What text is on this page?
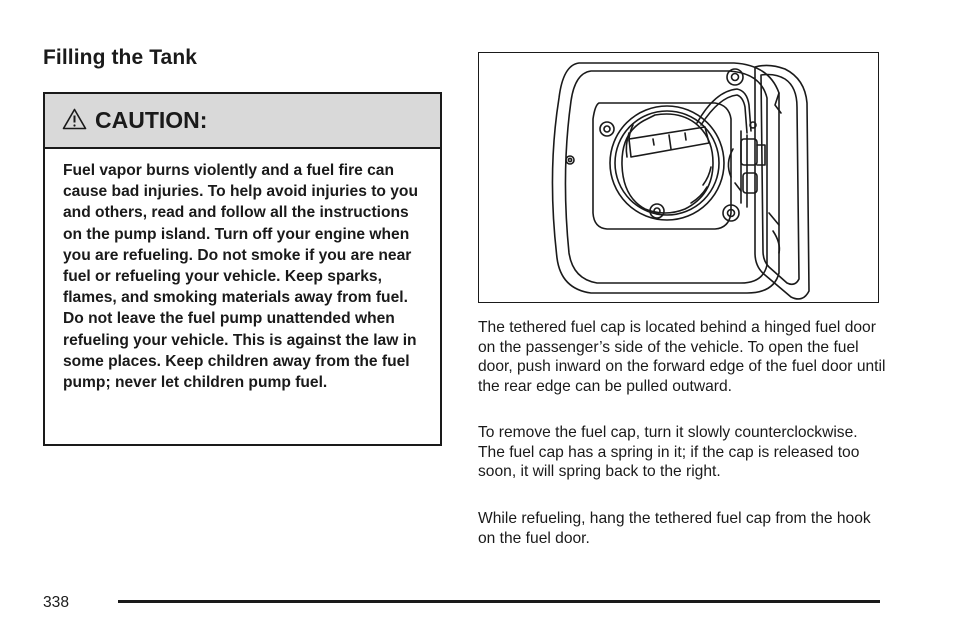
Filling the Tank
CAUTION:

Fuel vapor burns violently and a fuel fire can cause bad injuries. To help avoid injuries to you and others, read and follow all the instructions on the pump island. Turn off your engine when you are refueling. Do not smoke if you are near fuel or refueling your vehicle. Keep sparks, flames, and smoking materials away from fuel. Do not leave the fuel pump unattended when refueling your vehicle. This is against the law in some places. Keep children away from the fuel pump; never let children pump fuel.

The tethered fuel cap is located behind a hinged fuel door on the passenger’s side of the vehicle. To open the fuel door, push inward on the forward edge of the fuel door until the rear edge can be pulled outward.

To remove the fuel cap, turn it slowly counterclockwise. The fuel cap has a spring in it; if the cap is released too soon, it will spring back to the right.

While refueling, hang the tethered fuel cap from the hook on the fuel door.

338
